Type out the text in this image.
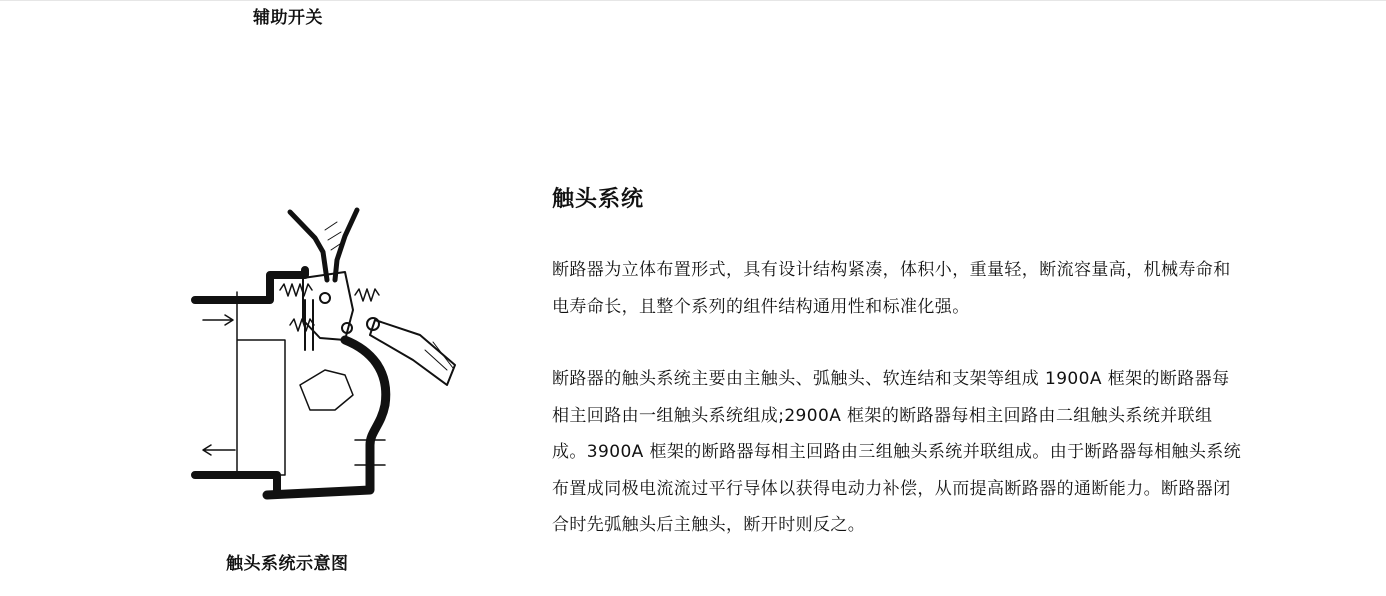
辅助开关
触头系统示意图
触头系统

断路器为立体布置形式，具有设计结构紧凑，体积小，重量轻，断流容量高，机械寿命和电寿命长，且整个系列的组件结构通用性和标准化强。

断路器的触头系统主要由主触头、弧触头、软连结和支架等组成 1900A 框架的断路器每相主回路由一组触头系统组成;2900A 框架的断路器每相主回路由二组触头系统并联组成。3900A 框架的断路器每相主回路由三组触头系统并联组成。由于断路器每相触头系统布置成同极电流流过平行导体以获得电动力补偿，从而提高断路器的通断能力。断路器闭合时先弧触头后主触头，断开时则反之。
